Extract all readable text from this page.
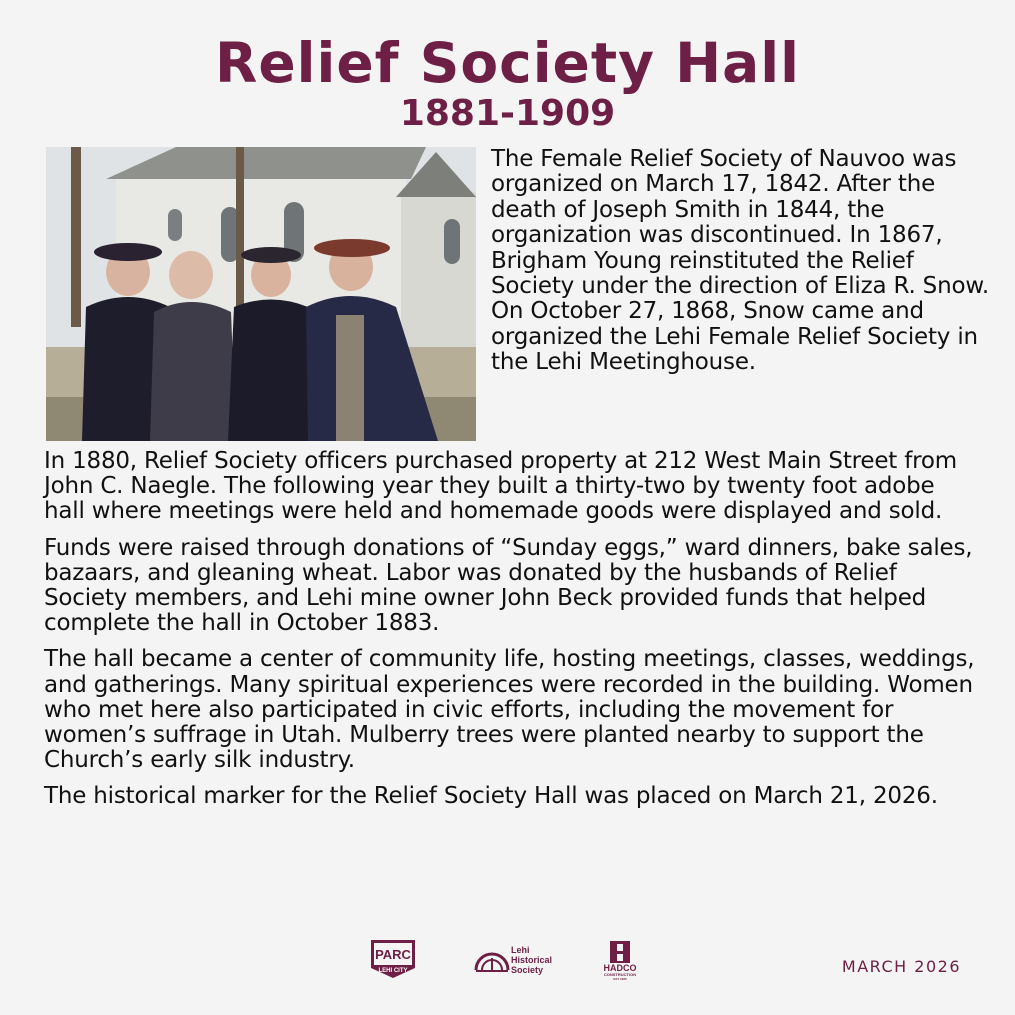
Relief Society Hall
1881-1909
The Female Relief Society of Nauvoo was organized on March 17, 1842. After the death of Joseph Smith in 1844, the organization was discontinued. In 1867, Brigham Young reinstituted the Relief Society under the direction of Eliza R. Snow. On October 27, 1868, Snow came and organized the Lehi Female Relief Society in the Lehi Meetinghouse.

In 1880, Relief Society officers purchased property at 212 West Main Street from John C. Naegle. The following year they built a thirty-two by twenty foot adobe hall where meetings were held and homemade goods were displayed and sold.

Funds were raised through donations of “Sunday eggs,” ward dinners, bake sales, bazaars, and gleaning wheat. Labor was donated by the husbands of Relief Society members, and Lehi mine owner John Beck provided funds that helped complete the hall in October 1883.

The hall became a center of community life, hosting meetings, classes, weddings, and gatherings. Many spiritual experiences were recorded in the building. Women who met here also participated in civic efforts, including the movement for women’s suffrage in Utah. Mulberry trees were planted nearby to support the Church’s early silk industry.

The historical marker for the Relief Society Hall was placed on March 21, 2026.

PARC
LEHI CITY
Lehi
Historical
Society	HADCO
CONSTRUCTION
EST 1965
MARCH 2026
